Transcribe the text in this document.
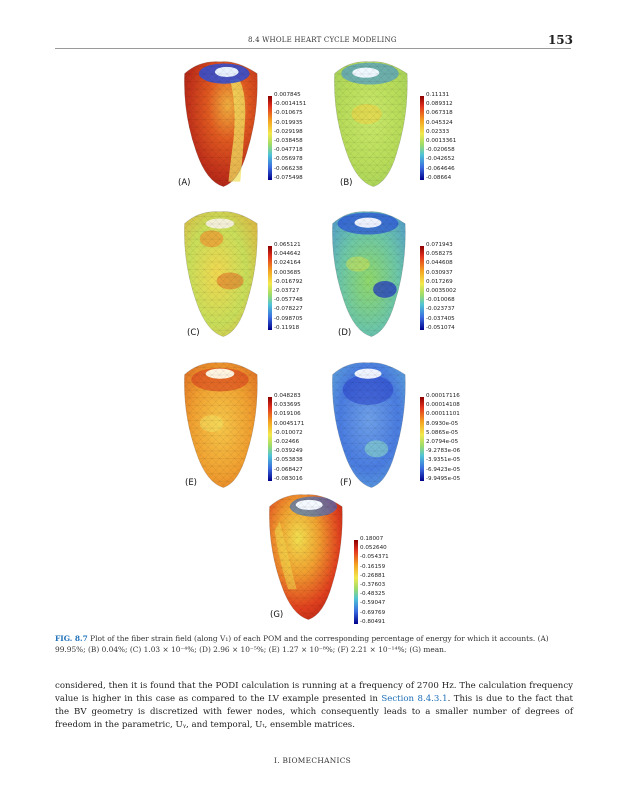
8.4 WHOLE HEART CYCLE MODELING	153
0.007845
-0.0014151
-0.010675
-0.019935
-0.029198
-0.038458
-0.047718
-0.056978
-0.066238
-0.075498
(A)
0.11131
0.089312
0.067318
0.045324
0.02333
0.0013361
-0.020658
-0.042652
-0.064646
-0.08664
(B)
0.065121
0.044642
0.024164
0.003685
-0.016792
-0.03727
-0.057748
-0.078227
-0.098705
-0.11918
(C)
0.071943
0.058275
0.044608
0.030937
0.017269
0.0035002
-0.010068
-0.023737
-0.037405
-0.051074
(D)
0.048283
0.033695
0.019106
0.0045171
-0.010072
-0.02466
-0.039249
-0.053838
-0.068427
-0.083016
(E)
0.00017116
0.00014108
0.00011101
8.0930e-05
5.0865e-05
2.0794e-05
-9.2783e-06
-3.9351e-05
-6.9423e-05
-9.9495e-05
(F)
0.18007
0.052640
-0.054371
-0.16159
-0.26881
-0.37603
-0.48325
-0.59047
-0.69769
-0.80491
(G)
FIG. 8.7 Plot of the fiber strain field (along V₁) of each POM and the corresponding percentage of energy for which it accounts. (A) 99.95%; (B) 0.04%; (C) 1.03 × 10⁻⁴%; (D) 2.96 × 10⁻⁵%; (E) 1.27 × 10⁻⁸%; (F) 2.21 × 10⁻¹⁴%; (G) mean.
considered, then it is found that the PODI calculation is running at a frequency of 2700 Hz. The calculation frequency value is higher in this case as compared to the LV example presented in Section 8.4.3.1. This is due to the fact that the BV geometry is discretized with fewer nodes, which consequently leads to a smaller number of degrees of freedom in the parametric, Uᵧ, and temporal, Uₜ, ensemble matrices.
I. BIOMECHANICS
